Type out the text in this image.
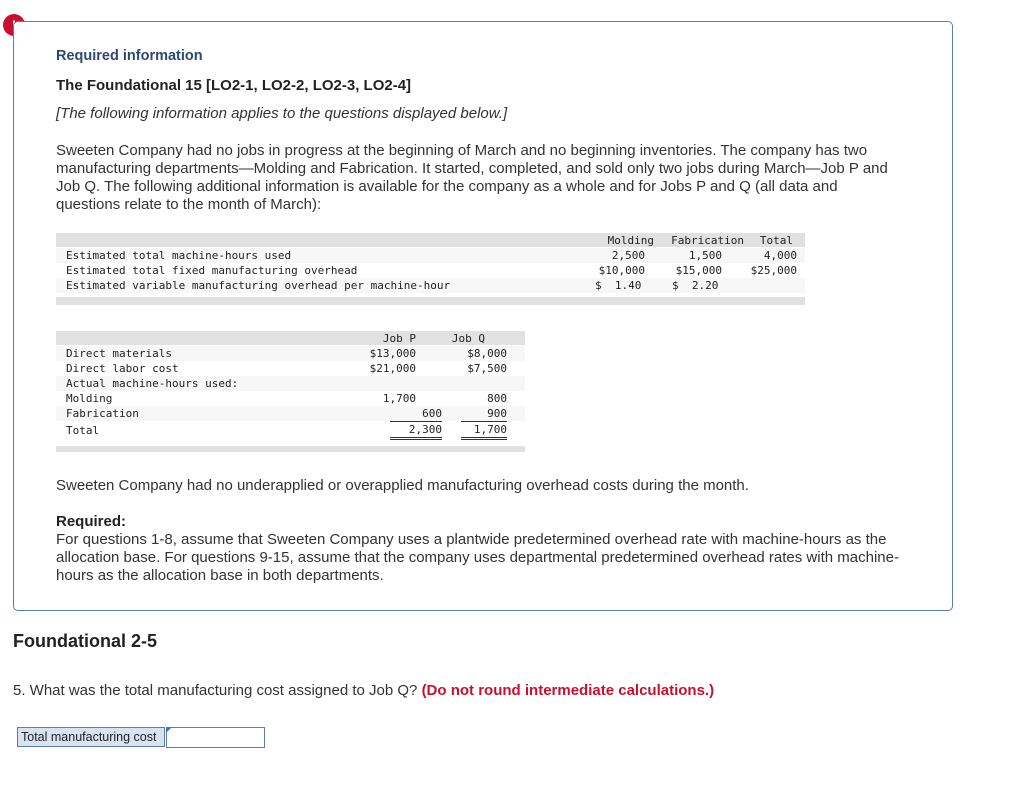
Required information
The Foundational 15 [LO2-1, LO2-2, LO2-3, LO2-4]
[The following information applies to the questions displayed below.]
Sweeten Company had no jobs in progress at the beginning of March and no beginning inventories. The company has two manufacturing departments—Molding and Fabrication. It started, completed, and sold only two jobs during March—Job P and Job Q. The following additional information is available for the company as a whole and for Jobs P and Q (all data and questions relate to the month of March):
Molding	Fabrication	Total
Estimated total machine-hours used	2,500	1,500	4,000
Estimated total fixed manufacturing overhead	$10,000	$15,000	$25,000
Estimated variable manufacturing overhead per machine-hour	$  1.40	$  2.20
Job P	Job Q
Direct materials	$13,000	$8,000
Direct labor cost	$21,000	$7,500
Actual machine-hours used:
Molding	1,700	800
Fabrication	600	900
Total	2,300	1,700
Sweeten Company had no underapplied or overapplied manufacturing overhead costs during the month.
Required:
For questions 1-8, assume that Sweeten Company uses a plantwide predetermined overhead rate with machine-hours as the allocation base. For questions 9-15, assume that the company uses departmental predetermined overhead rates with machine-hours as the allocation base in both departments.
Foundational 2-5
5. What was the total manufacturing cost assigned to Job Q? (Do not round intermediate calculations.)
Total manufacturing cost
